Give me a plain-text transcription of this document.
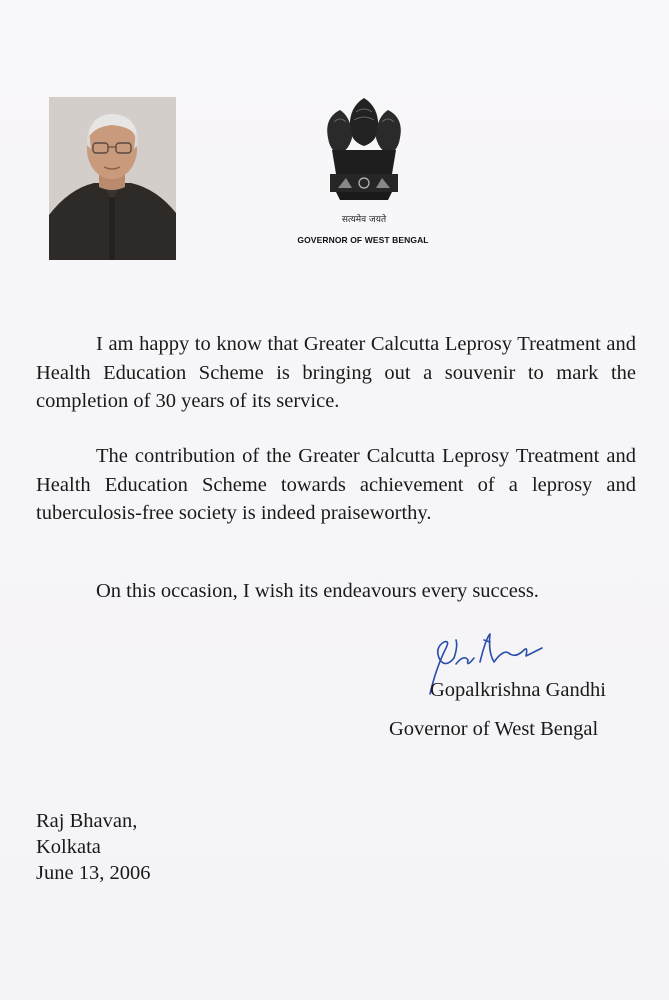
सत्यमेव जयते
GOVERNOR OF WEST BENGAL
I am happy to know that Greater Calcutta Leprosy Treatment and Health Education Scheme is bringing out a souvenir to mark the completion of 30 years of its service.
The contribution of the Greater Calcutta Leprosy Treatment and Health Education Scheme towards achievement of a leprosy and tuberculosis-free society is indeed praiseworthy.
On this occasion, I wish its endeavours every success.
Gopalkrishna Gandhi
Governor of West Bengal
Raj Bhavan,
Kolkata
June 13, 2006
